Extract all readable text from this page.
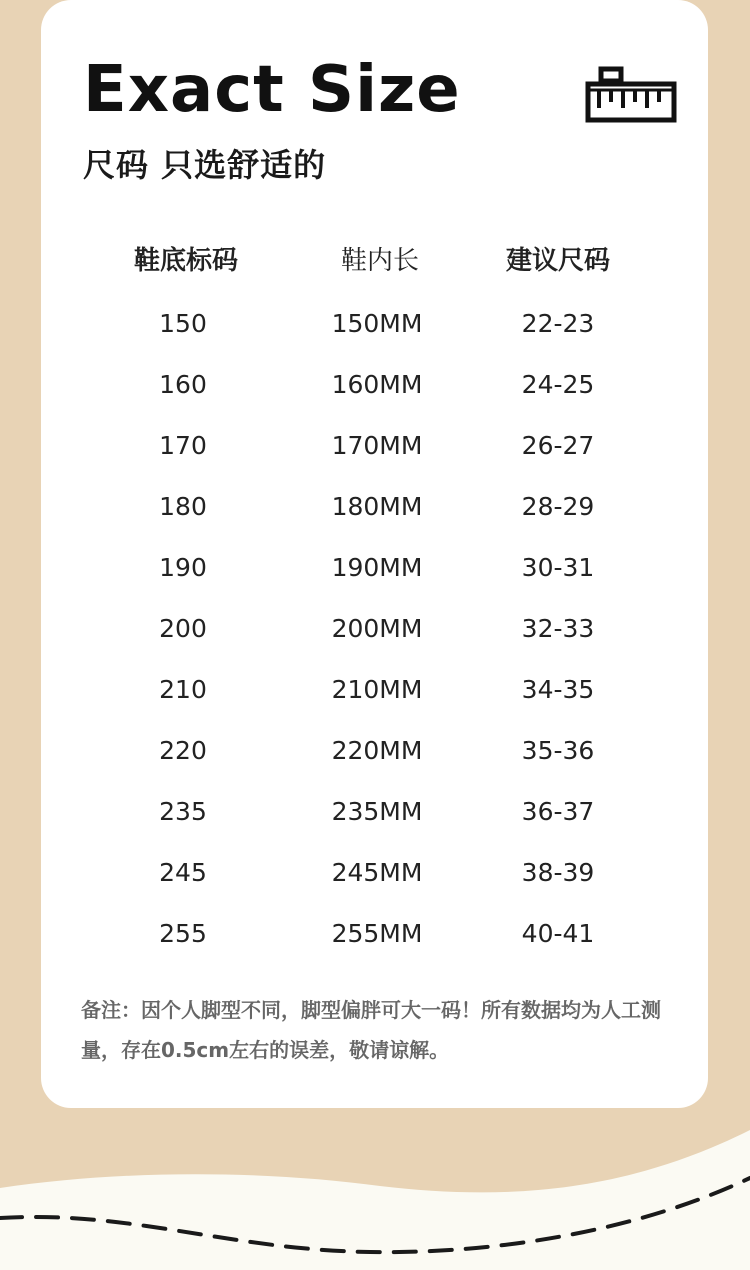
Exact Size
尺码 只选舒适的
鞋底标码	鞋内长	建议尺码
150	150MM	22-23
160	160MM	24-25
170	170MM	26-27
180	180MM	28-29
190	190MM	30-31
200	200MM	32-33
210	210MM	34-35
220	220MM	35-36
235	235MM	36-37
245	245MM	38-39
255	255MM	40-41
备注：因个人脚型不同，脚型偏胖可大一码！所有数据均为人工测量，存在0.5cm左右的误差，敬请谅解。
